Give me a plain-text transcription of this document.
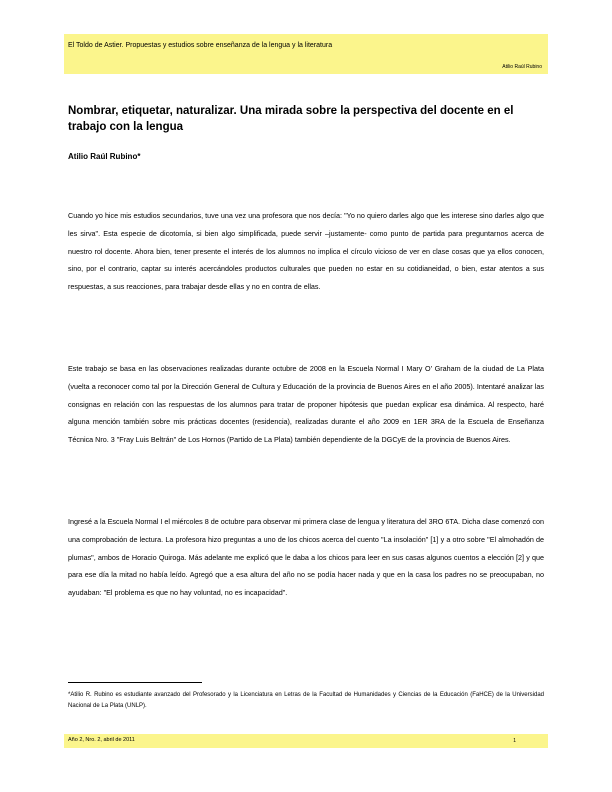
El Toldo de Astier. Propuestas y estudios sobre enseñanza de la lengua y la literatura
Atilio Raúl Rubino
Nombrar, etiquetar, naturalizar. Una mirada sobre la perspectiva del docente en el trabajo con la lengua
Atilio Raúl Rubino*

Cuando yo hice mis estudios secundarios, tuve una vez una profesora que nos decía: "Yo no quiero darles algo que les interese sino darles algo que les sirva". Esta especie de dicotomía, si bien algo simplificada, puede servir –justamente- como punto de partida para preguntarnos acerca de nuestro rol docente. Ahora bien, tener presente el interés de los alumnos no implica el círculo vicioso de ver en clase cosas que ya ellos conocen, sino, por el contrario, captar su interés acercándoles productos culturales que pueden no estar en su cotidianeidad, o bien, estar atentos a sus respuestas, a sus reacciones, para trabajar desde ellas y no en contra de ellas.

Este trabajo se basa en las observaciones realizadas durante octubre de 2008 en la Escuela Normal I Mary O' Graham de la ciudad de La Plata (vuelta a reconocer como tal por la Dirección General de Cultura y Educación de la provincia de Buenos Aires en el año 2005). Intentaré analizar las consignas en relación con las respuestas de los alumnos para tratar de proponer hipótesis que puedan explicar esa dinámica. Al respecto, haré alguna mención también sobre mis prácticas docentes (residencia), realizadas durante el año 2009 en 1ER 3RA de la Escuela de Enseñanza Técnica Nro. 3 "Fray Luis Beltrán" de Los Hornos (Partido de La Plata) también dependiente de la DGCyE de la provincia de Buenos Aires.

Ingresé a la Escuela Normal I el miércoles 8 de octubre para observar mi primera clase de lengua y literatura del 3RO 6TA. Dicha clase comenzó con una comprobación de lectura. La profesora hizo preguntas a uno de los chicos acerca del cuento "La insolación" [1] y a otro sobre "El almohadón de plumas", ambos de Horacio Quiroga. Más adelante me explicó que le daba a los chicos para leer en sus casas algunos cuentos a elección [2] y que para ese día la mitad no había leído. Agregó que a esa altura del año no se podía hacer nada y que en la casa los padres no se preocupaban, no ayudaban: "El problema es que no hay voluntad, no es incapacidad".

*Atilio R. Rubino es estudiante avanzado del Profesorado y la Licenciatura en Letras de la Facultad de Humanidades y Ciencias de la Educación (FaHCE) de la Universidad Nacional de La Plata (UNLP).

Año 2, Nro. 2, abril de 2011	1
